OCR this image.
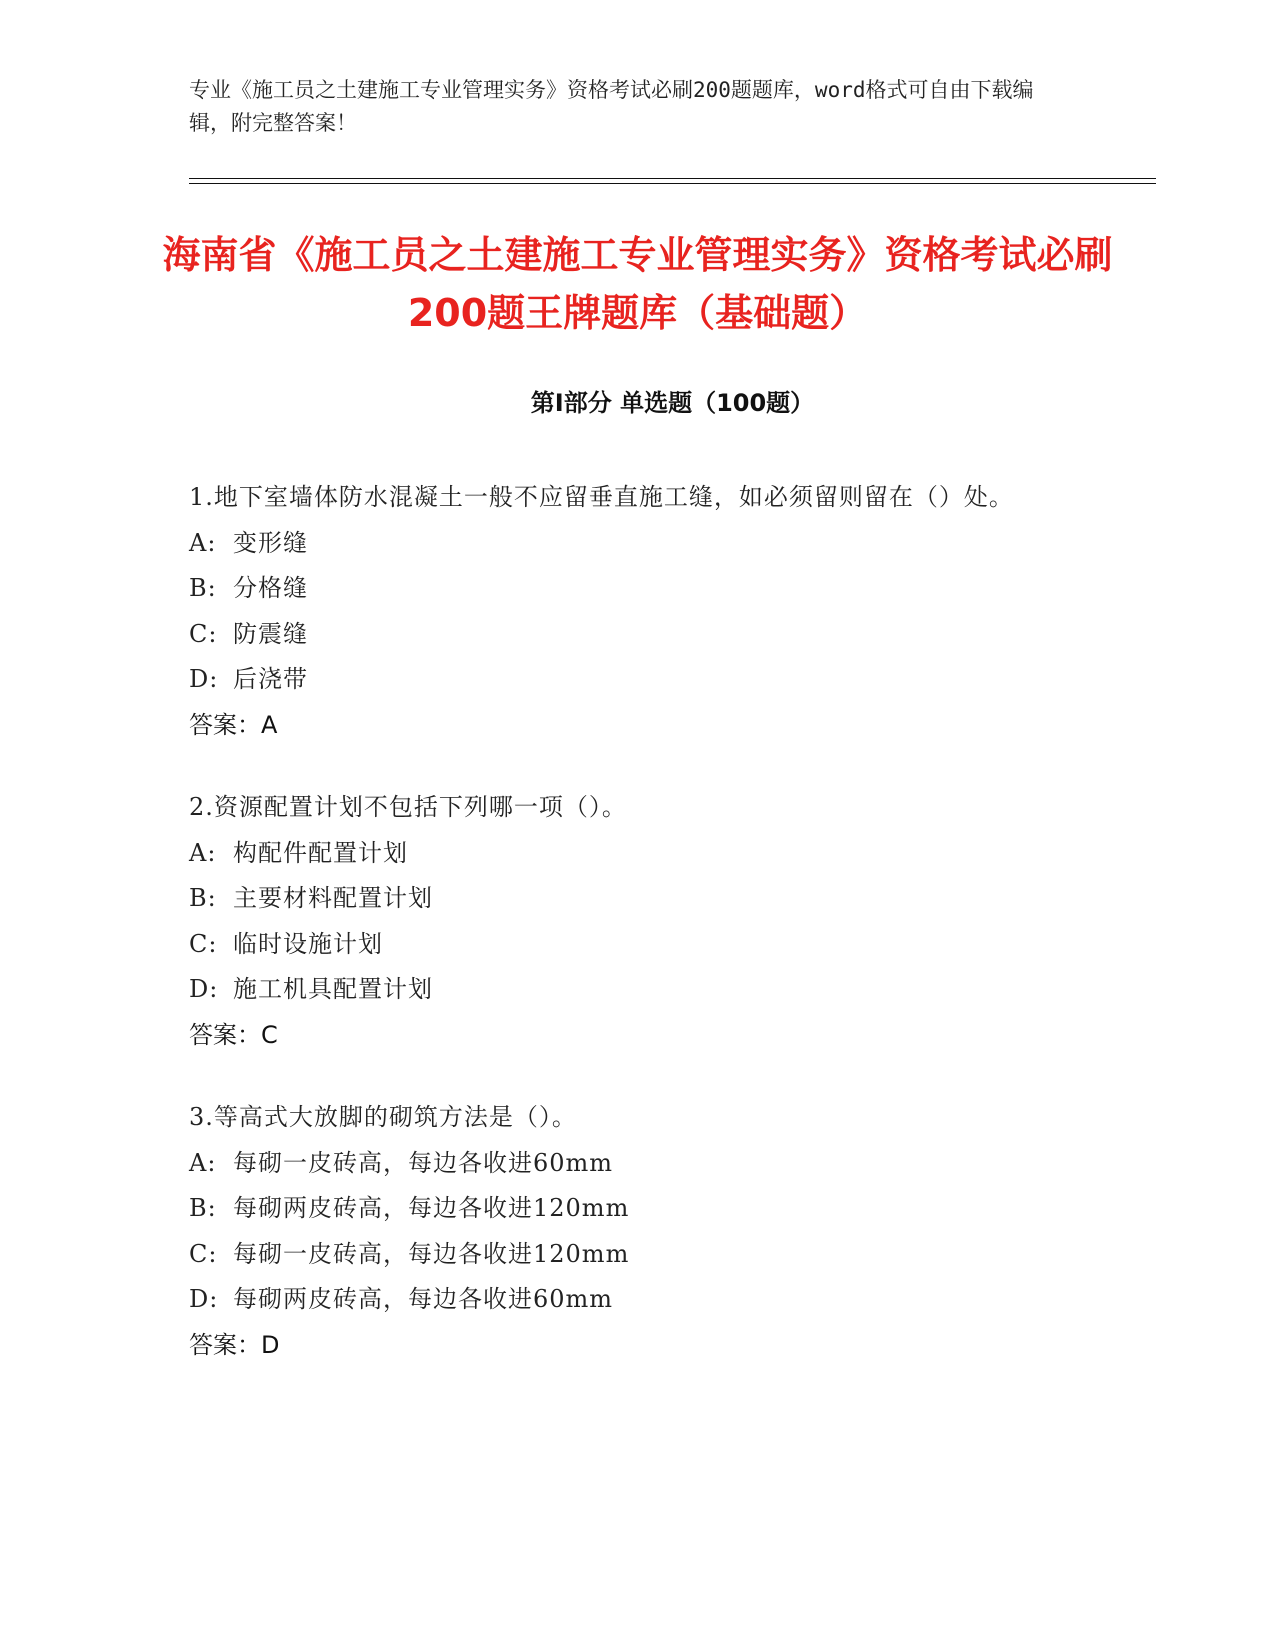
专业《施工员之土建施工专业管理实务》资格考试必刷200题题库，word格式可自由下载编辑，附完整答案！

海南省《施工员之土建施工专业管理实务》资格考试必刷200题王牌题库（基础题）
第Ⅰ部分 单选题（100题）

1.地下室墙体防水混凝土一般不应留垂直施工缝，如必须留则留在（）处。

A: 变形缝

B: 分格缝

C: 防震缝

D: 后浇带

答案：A

2.资源配置计划不包括下列哪一项（）。

A: 构配件配置计划

B: 主要材料配置计划

C: 临时设施计划

D: 施工机具配置计划

答案：C

3.等高式大放脚的砌筑方法是（）。

A: 每砌一皮砖高，每边各收进60mm

B: 每砌两皮砖高，每边各收进120mm

C: 每砌一皮砖高，每边各收进120mm

D: 每砌两皮砖高，每边各收进60mm

答案：D
